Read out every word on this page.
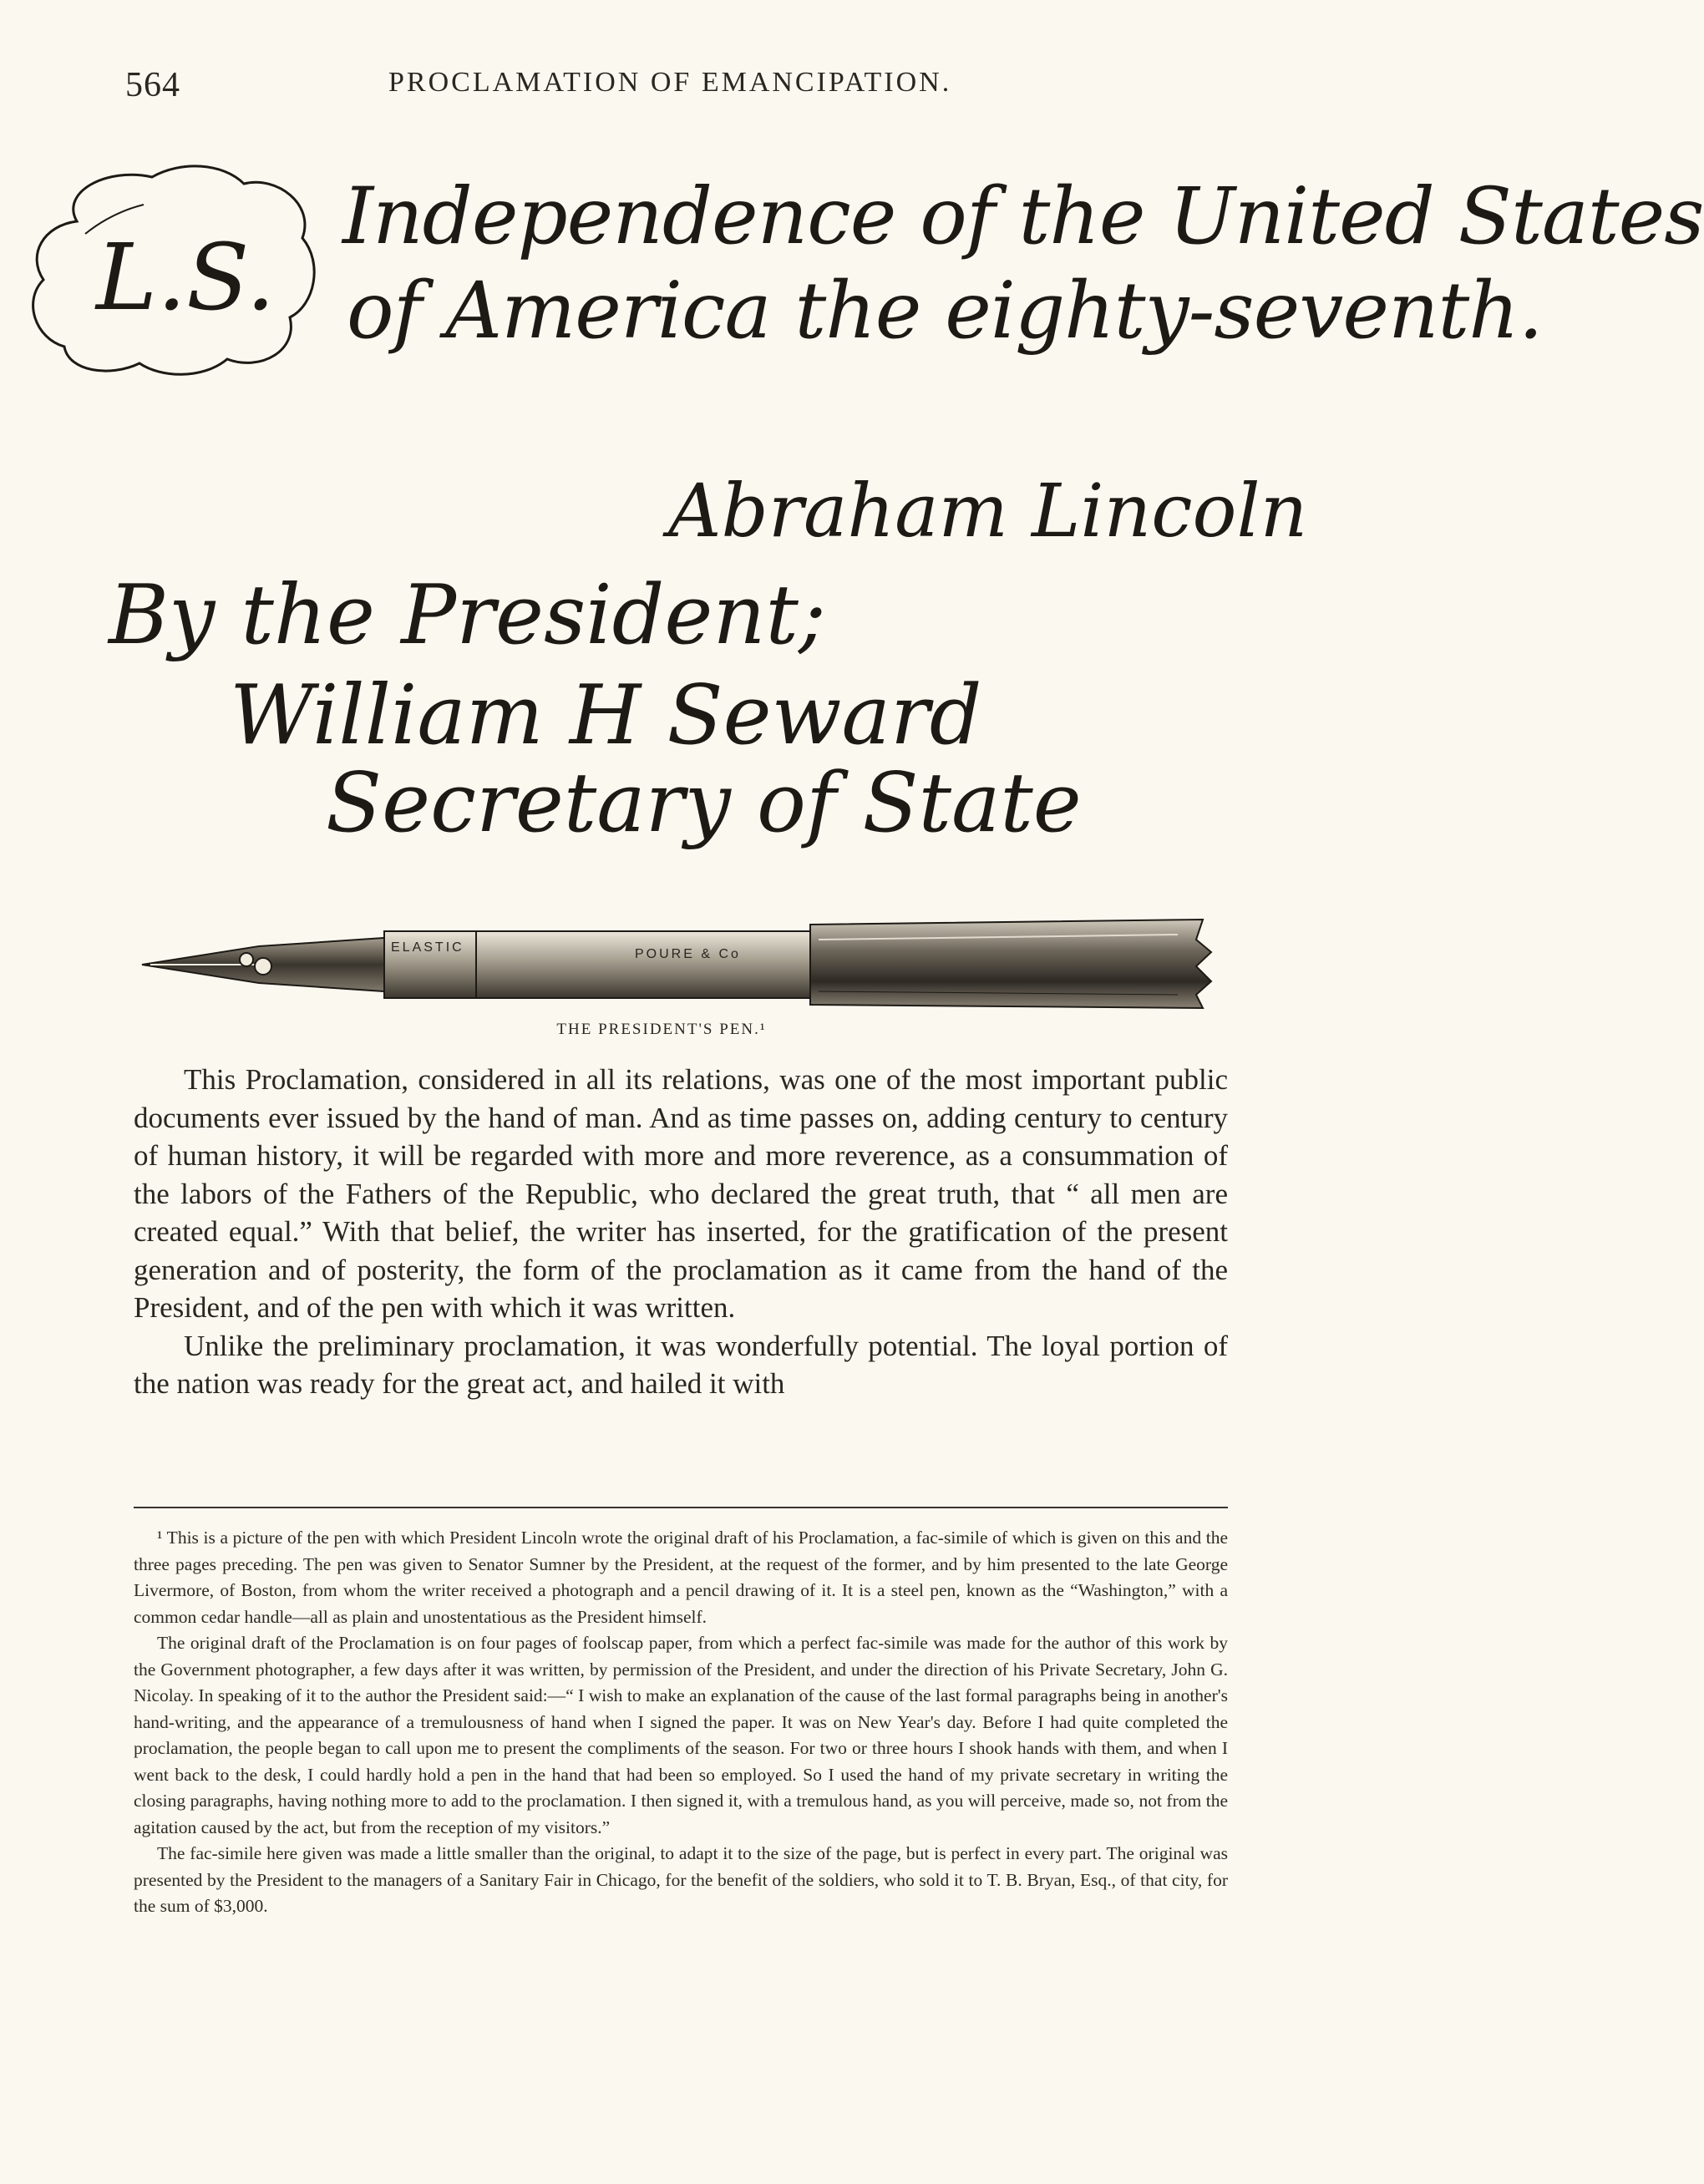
564	PROCLAMATION OF EMANCIPATION.
L.S.
Independence of the United States
of America the eighty-seventh.
Abraham Lincoln
By the President;
William H Seward
Secretary of State
ELASTIC	POURE & Co
THE PRESIDENT'S PEN.¹

This Proclamation, considered in all its relations, was one of the most important public documents ever issued by the hand of man. And as time passes on, adding century to century of human history, it will be regarded with more and more reverence, as a consummation of the labors of the Fathers of the Republic, who declared the great truth, that “ all men are created equal.” With that belief, the writer has inserted, for the gratification of the present generation and of posterity, the form of the proclamation as it came from the hand of the President, and of the pen with which it was written.

Unlike the preliminary proclamation, it was wonderfully potential. The loyal portion of the nation was ready for the great act, and hailed it with

¹ This is a picture of the pen with which President Lincoln wrote the original draft of his Proclamation, a fac-simile of which is given on this and the three pages preceding. The pen was given to Senator Sumner by the President, at the request of the former, and by him presented to the late George Livermore, of Boston, from whom the writer received a photograph and a pencil drawing of it. It is a steel pen, known as the “Washington,” with a common cedar handle—all as plain and unostentatious as the President himself.

The original draft of the Proclamation is on four pages of foolscap paper, from which a perfect fac-simile was made for the author of this work by the Government photographer, a few days after it was written, by permission of the President, and under the direction of his Private Secretary, John G. Nicolay. In speaking of it to the author the President said:—“ I wish to make an explanation of the cause of the last formal paragraphs being in another's hand-writing, and the appearance of a tremulousness of hand when I signed the paper. It was on New Year's day. Before I had quite completed the proclamation, the people began to call upon me to present the compliments of the season. For two or three hours I shook hands with them, and when I went back to the desk, I could hardly hold a pen in the hand that had been so employed. So I used the hand of my private secretary in writing the closing paragraphs, having nothing more to add to the proclamation. I then signed it, with a tremulous hand, as you will perceive, made so, not from the agitation caused by the act, but from the reception of my visitors.”

The fac-simile here given was made a little smaller than the original, to adapt it to the size of the page, but is perfect in every part. The original was presented by the President to the managers of a Sanitary Fair in Chicago, for the benefit of the soldiers, who sold it to T. B. Bryan, Esq., of that city, for the sum of $3,000.
